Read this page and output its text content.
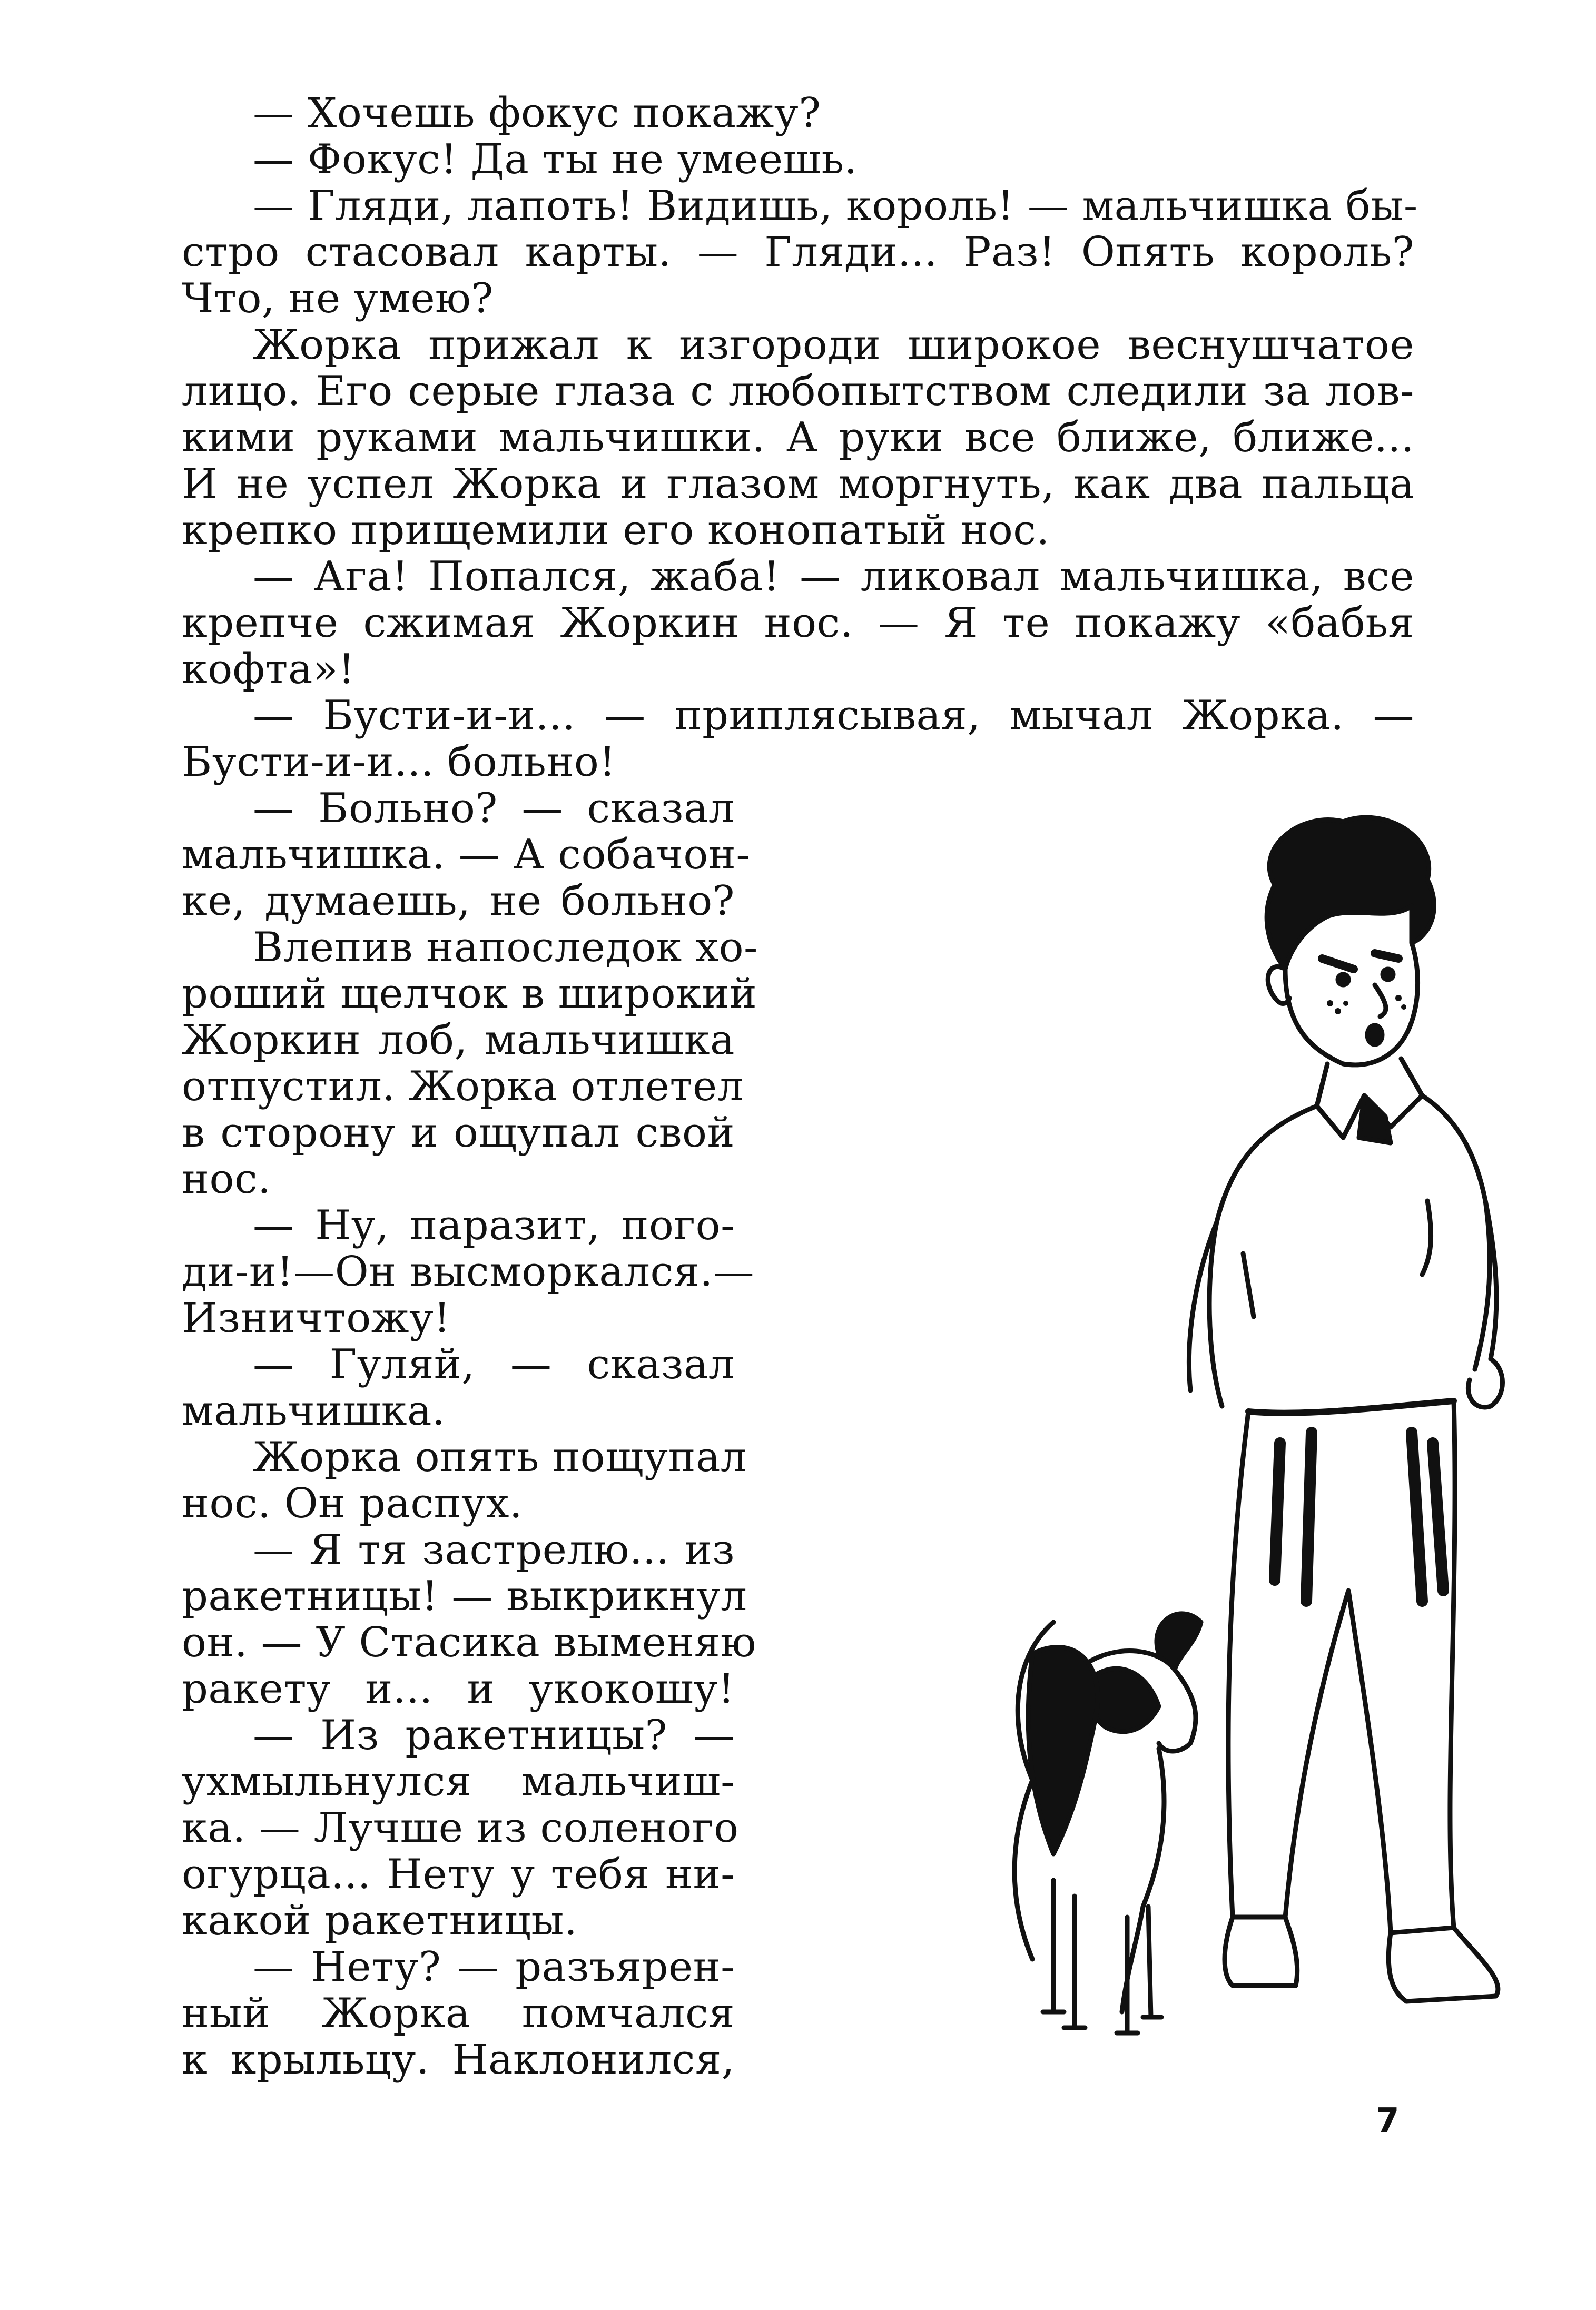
— Хочешь фокус покажу?
— Фокус! Да ты не умеешь.
— Гляди, лапоть! Видишь, король! — мальчишка бы-
стро стасовал карты. — Гляди... Раз! Опять король?
Что, не умею?
Жорка прижал к изгороди широкое веснушчатое
лицо. Его серые глаза с любопытством следили за лов-
кими руками мальчишки. А руки все ближе, ближе...
И не успел Жорка и глазом моргнуть, как два пальца
крепко прищемили его конопатый нос.
— Ага! Попался, жаба! — ликовал мальчишка, все
крепче сжимая Жоркин нос. — Я те покажу «бабья
кофта»!
— Бусти-и-и... — приплясывая, мычал Жорка. —
Бусти-и-и... больно!
— Больно? — сказал
мальчишка. — А собачон-
ке, думаешь, не больно?
Влепив напоследок хо-
роший щелчок в широкий
Жоркин лоб, мальчишка
отпустил. Жорка отлетел
в сторону и ощупал свой
нос.
— Ну, паразит, пого-
ди-и!—Он высморкался.—
Изничтожу!
— Гуляй, — сказал
мальчишка.
Жорка опять пощупал
нос. Он распух.
— Я тя застрелю... из
ракетницы! — выкрикнул
он. — У Стасика выменяю
ракету и... и укокошу!
— Из ракетницы? —
ухмыльнулся мальчиш-
ка. — Лучше из соленого
огурца... Нету у тебя ни-
какой ракетницы.
— Нету? — разъярен-
ный Жорка помчался
к крыльцу. Наклонился,
7
